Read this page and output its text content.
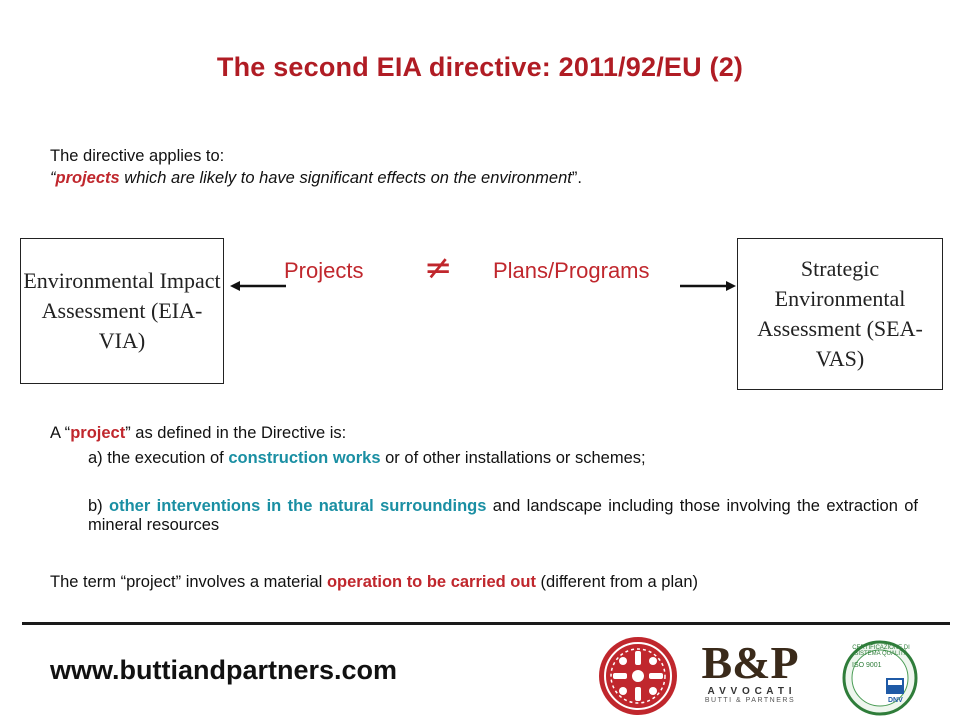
The second EIA directive: 2011/92/EU (2)
The directive applies to:
“projects which are likely to have significant effects on the environment”.
Environmental Impact Assessment (EIA-VIA)
Strategic Environmental Assessment (SEA-VAS)
Projects ≠ Plans/Programs
A “project” as defined in the Directive is:
a) the execution of construction works or of other installations or schemes;
b) other interventions in the natural surroundings and landscape including those involving the extraction of mineral resources
The term “project” involves a material operation to be carried out (different from a plan)
www.buttiandpartners.com	B&P
A V V O C A T I
BUTTI & PARTNERS
CERTIFICAZIONE DI SISTEMA QUALITÀ
ISO 9001
DNV
